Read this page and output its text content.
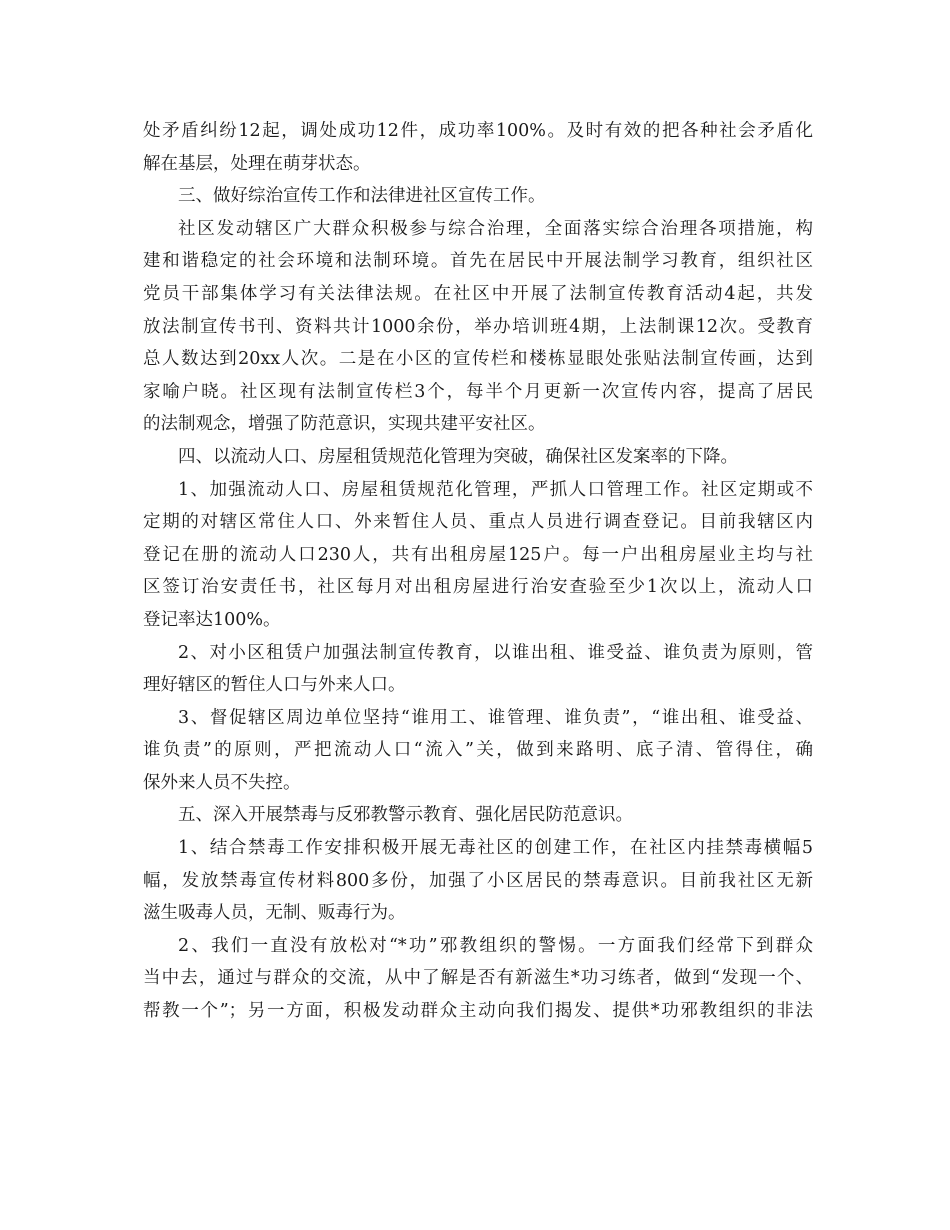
处矛盾纠纷12起，调处成功12件，成功率100%。及时有效的把各种社会矛盾化
解在基层，处理在萌芽状态。
三、做好综治宣传工作和法律进社区宣传工作。
社区发动辖区广大群众积极参与综合治理，全面落实综合治理各项措施，构
建和谐稳定的社会环境和法制环境。首先在居民中开展法制学习教育，组织社区
党员干部集体学习有关法律法规。在社区中开展了法制宣传教育活动4起，共发
放法制宣传书刊、资料共计1000余份，举办培训班4期，上法制课12次。受教育
总人数达到20xx人次。二是在小区的宣传栏和楼栋显眼处张贴法制宣传画，达到
家喻户晓。社区现有法制宣传栏3个，每半个月更新一次宣传内容，提高了居民
的法制观念，增强了防范意识，实现共建平安社区。
四、以流动人口、房屋租赁规范化管理为突破，确保社区发案率的下降。
1、加强流动人口、房屋租赁规范化管理，严抓人口管理工作。社区定期或不
定期的对辖区常住人口、外来暂住人员、重点人员进行调查登记。目前我辖区内
登记在册的流动人口230人，共有出租房屋125户。每一户出租房屋业主均与社
区签订治安责任书，社区每月对出租房屋进行治安查验至少1次以上，流动人口
登记率达100%。
2、对小区租赁户加强法制宣传教育，以谁出租、谁受益、谁负责为原则，管
理好辖区的暂住人口与外来人口。
3、督促辖区周边单位坚持“谁用工、谁管理、谁负责”，“谁出租、谁受益、
谁负责”的原则，严把流动人口“流入”关，做到来路明、底子清、管得住，确
保外来人员不失控。
五、深入开展禁毒与反邪教警示教育、强化居民防范意识。
1、结合禁毒工作安排积极开展无毒社区的创建工作，在社区内挂禁毒横幅5
幅，发放禁毒宣传材料800多份，加强了小区居民的禁毒意识。目前我社区无新
滋生吸毒人员，无制、贩毒行为。
2、我们一直没有放松对“*功”邪教组织的警惕。一方面我们经常下到群众
当中去，通过与群众的交流，从中了解是否有新滋生*功习练者，做到“发现一个、
帮教一个”；另一方面，积极发动群众主动向我们揭发、提供*功邪教组织的非法
